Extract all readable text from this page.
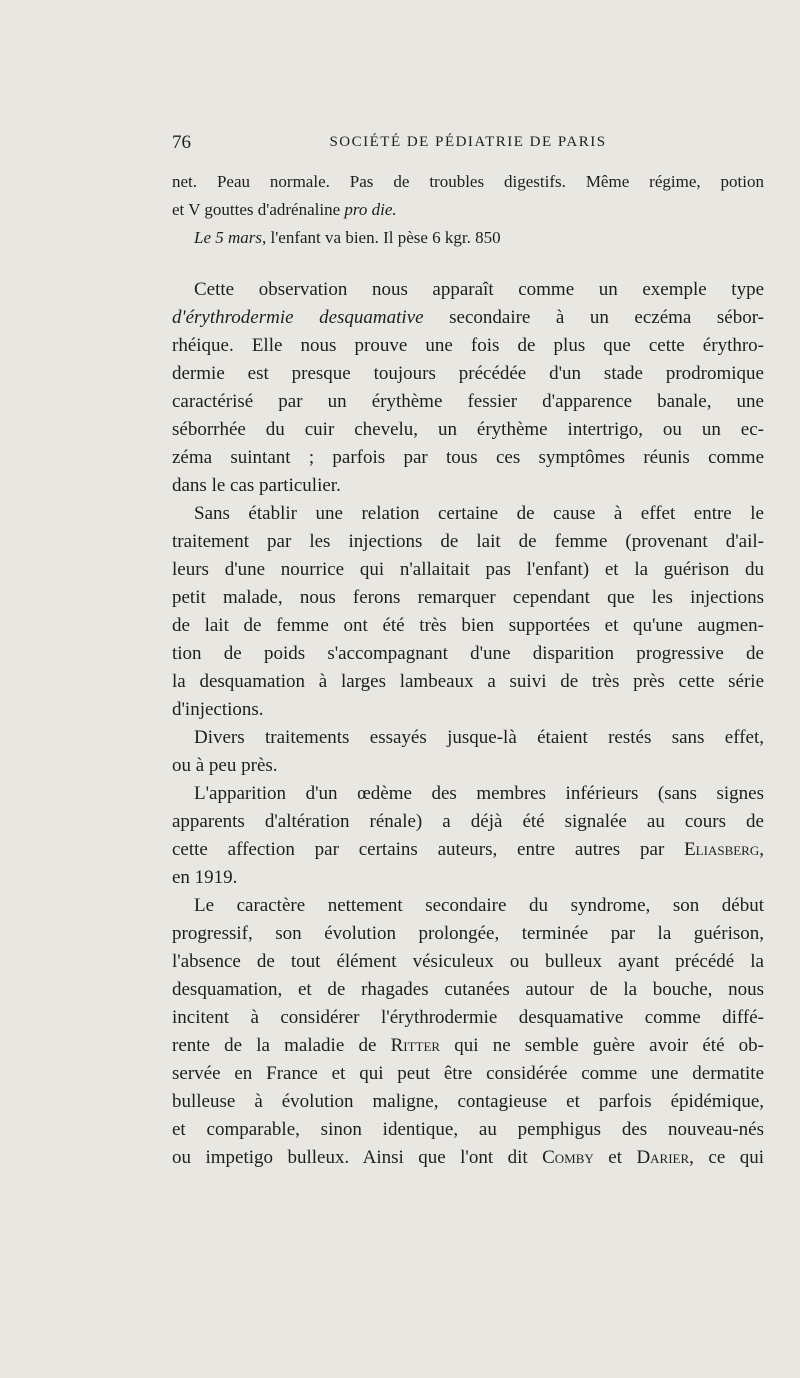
76	SOCIÉTÉ DE PÉDIATRIE DE PARIS
net. Peau normale. Pas de troubles digestifs. Même régime, potion
et V gouttes d'adrénaline pro die.
Le 5 mars, l'enfant va bien. Il pèse 6 kgr. 850
Cette observation nous apparaît comme un exemple type
d'érythrodermie desquamative secondaire à un eczéma sébor-
rhéique. Elle nous prouve une fois de plus que cette érythro-
dermie est presque toujours précédée d'un stade prodromique
caractérisé par un érythème fessier d'apparence banale, une
séborrhée du cuir chevelu, un érythème intertrigo, ou un ec-
zéma suintant ; parfois par tous ces symptômes réunis comme
dans le cas particulier.
Sans établir une relation certaine de cause à effet entre le
traitement par les injections de lait de femme (provenant d'ail-
leurs d'une nourrice qui n'allaitait pas l'enfant) et la guérison du
petit malade, nous ferons remarquer cependant que les injections
de lait de femme ont été très bien supportées et qu'une augmen-
tion de poids s'accompagnant d'une disparition progressive de
la desquamation à larges lambeaux a suivi de très près cette série
d'injections.
Divers traitements essayés jusque-là étaient restés sans effet,
ou à peu près.
L'apparition d'un œdème des membres inférieurs (sans signes
apparents d'altération rénale) a déjà été signalée au cours de
cette affection par certains auteurs, entre autres par Eliasberg,
en 1919.
Le caractère nettement secondaire du syndrome, son début
progressif, son évolution prolongée, terminée par la guérison,
l'absence de tout élément vésiculeux ou bulleux ayant précédé la
desquamation, et de rhagades cutanées autour de la bouche, nous
incitent à considérer l'érythrodermie desquamative comme diffé-
rente de la maladie de Ritter qui ne semble guère avoir été ob-
servée en France et qui peut être considérée comme une dermatite
bulleuse à évolution maligne, contagieuse et parfois épidémique,
et comparable, sinon identique, au pemphigus des nouveau-nés
ou impetigo bulleux. Ainsi que l'ont dit Comby et Darier, ce qui
